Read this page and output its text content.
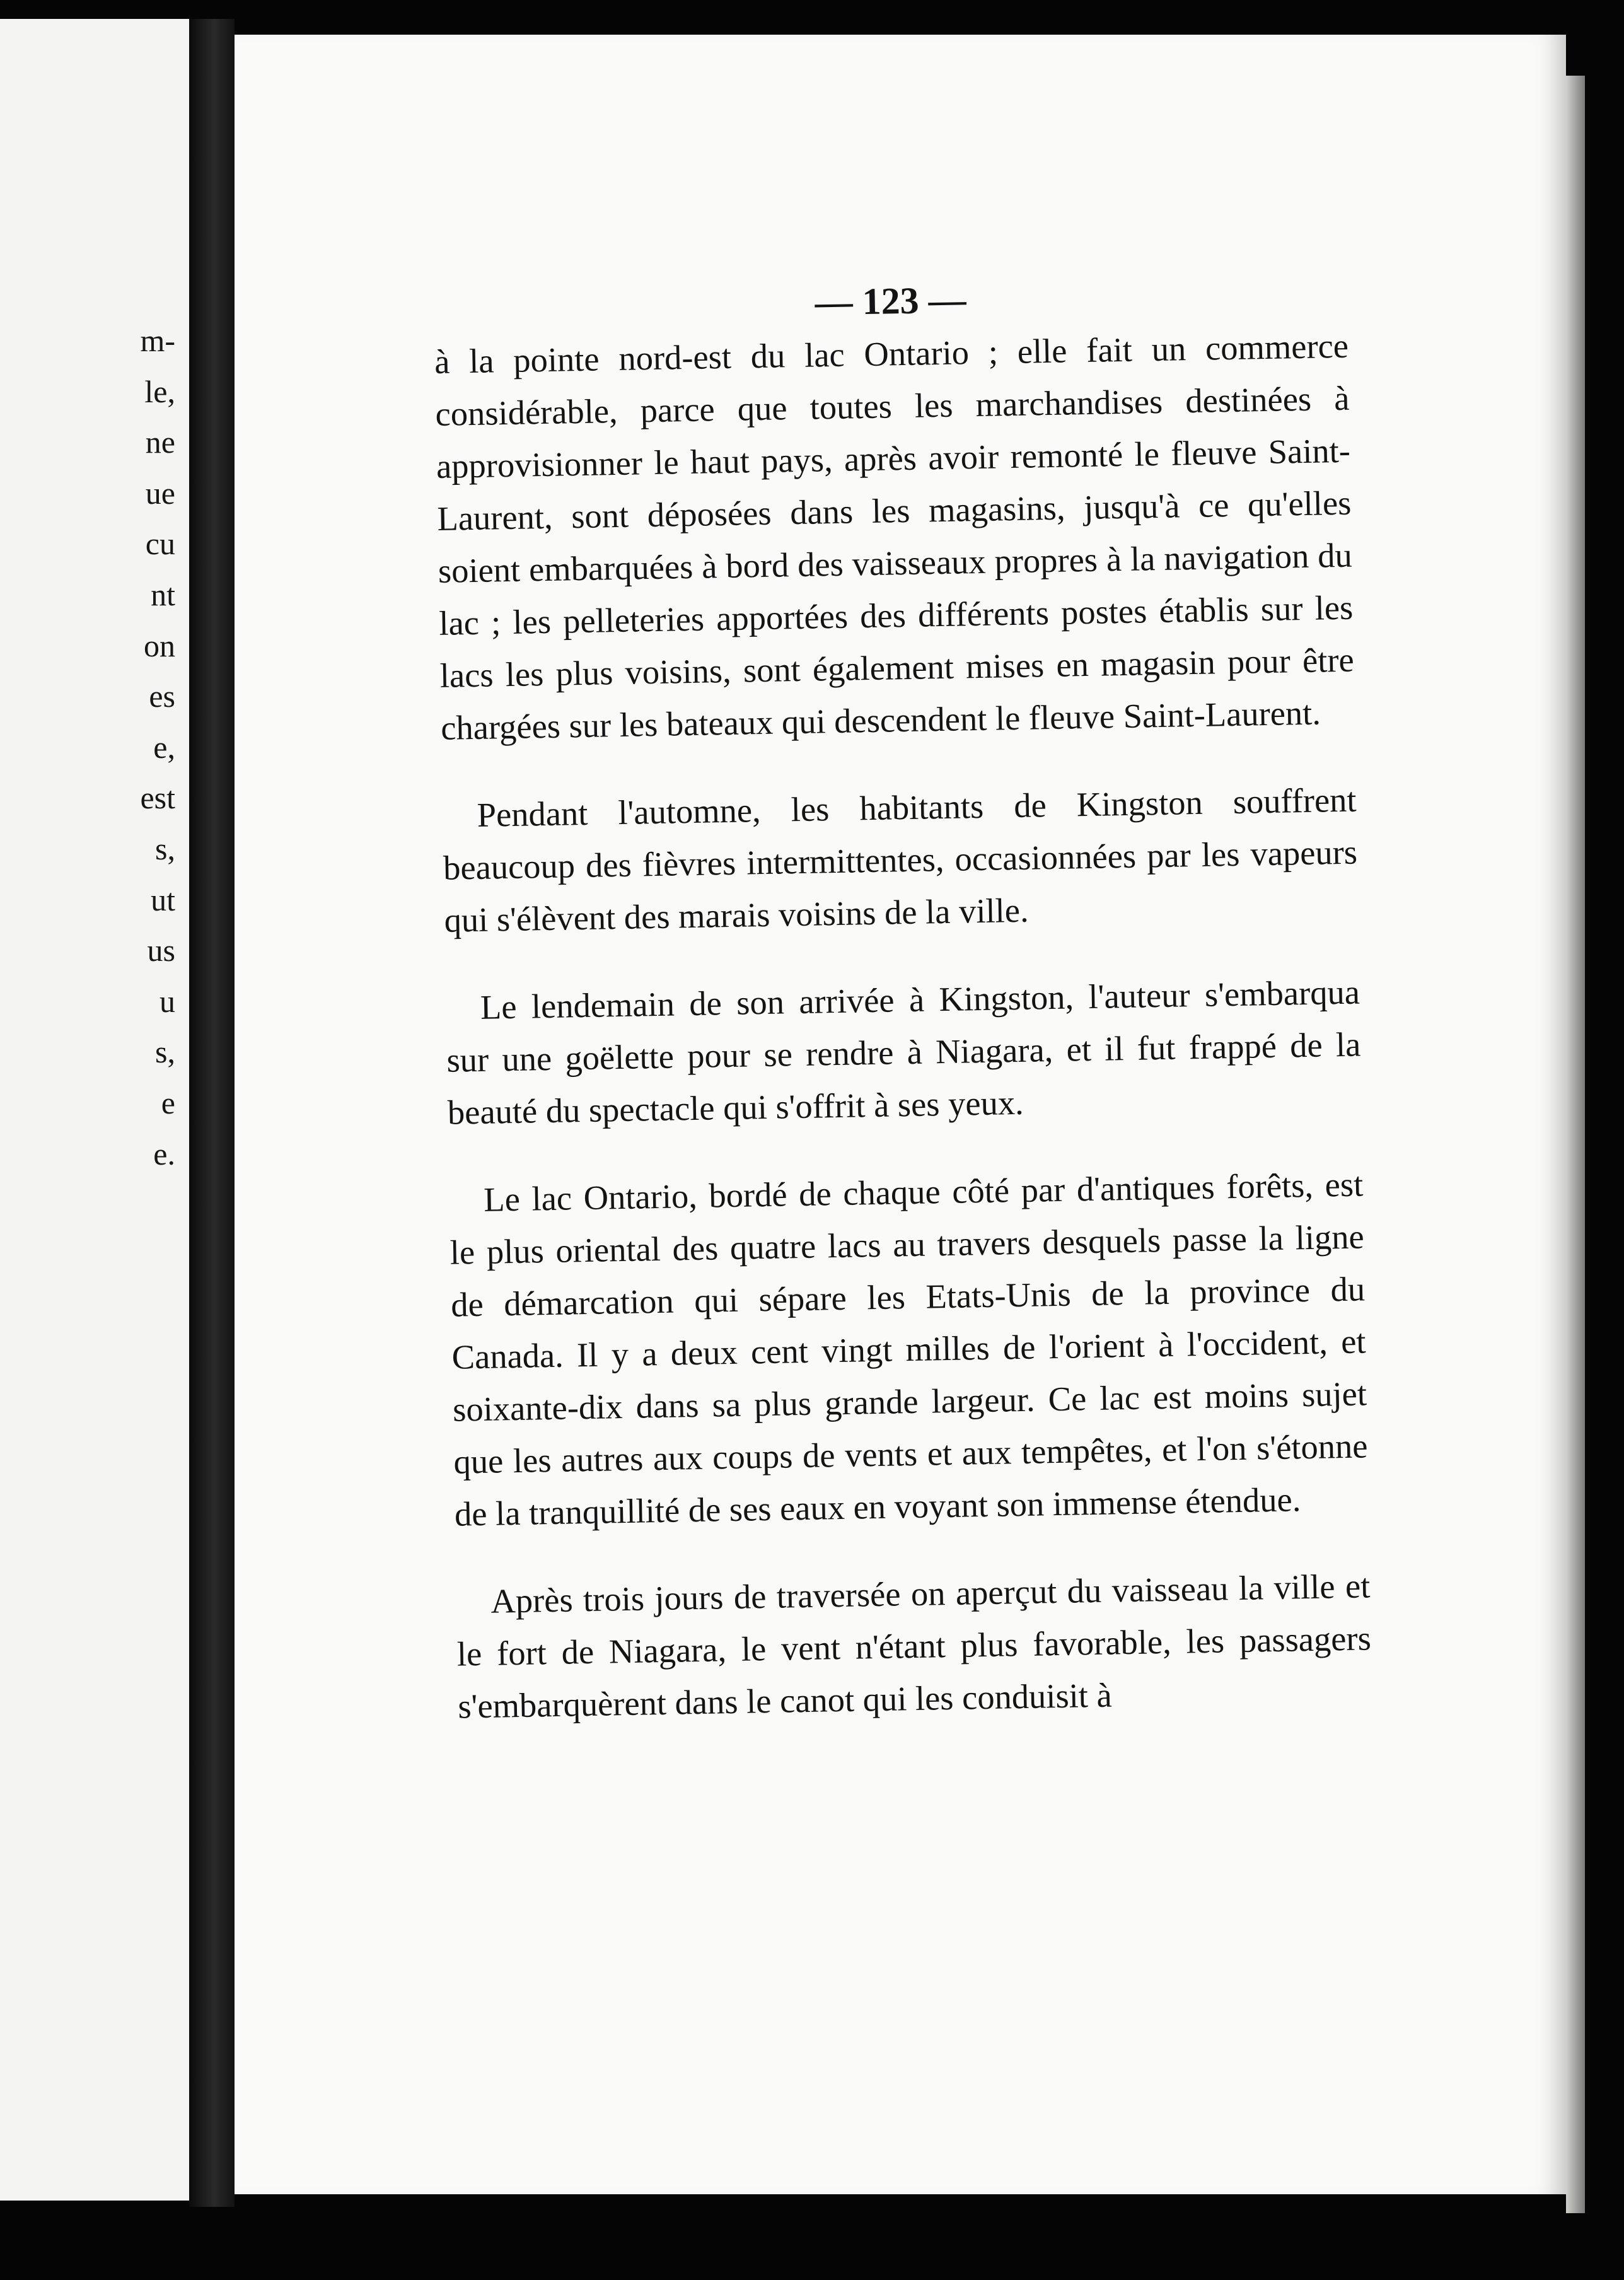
m-
le,
ne
ue
cu
nt
on
es
e,
est
s,
ut
us
u
s,
e
e.
— 123 —

à la pointe nord-est du lac Ontario ; elle fait un commerce considérable, parce que toutes les marchandises destinées à approvisionner le haut pays, après avoir remonté le fleuve Saint-Laurent, sont déposées dans les magasins, jusqu'à ce qu'elles soient embarquées à bord des vaisseaux propres à la navigation du lac ; les pelleteries apportées des différents postes établis sur les lacs les plus voisins, sont également mises en magasin pour être chargées sur les bateaux qui descendent le fleuve Saint-Laurent.

Pendant l'automne, les habitants de Kingston souffrent beaucoup des fièvres intermittentes, occasionnées par les vapeurs qui s'élèvent des marais voisins de la ville.

Le lendemain de son arrivée à Kingston, l'auteur s'embarqua sur une goëlette pour se rendre à Niagara, et il fut frappé de la beauté du spectacle qui s'offrit à ses yeux.

Le lac Ontario, bordé de chaque côté par d'antiques forêts, est le plus oriental des quatre lacs au travers desquels passe la ligne de démarcation qui sépare les Etats-Unis de la province du Canada. Il y a deux cent vingt milles de l'orient à l'occident, et soixante-dix dans sa plus grande largeur. Ce lac est moins sujet que les autres aux coups de vents et aux tempêtes, et l'on s'étonne de la tranquillité de ses eaux en voyant son immense étendue.

Après trois jours de traversée on aperçut du vaisseau la ville et le fort de Niagara, le vent n'étant plus favorable, les passagers s'embarquèrent dans le canot qui les conduisit à
